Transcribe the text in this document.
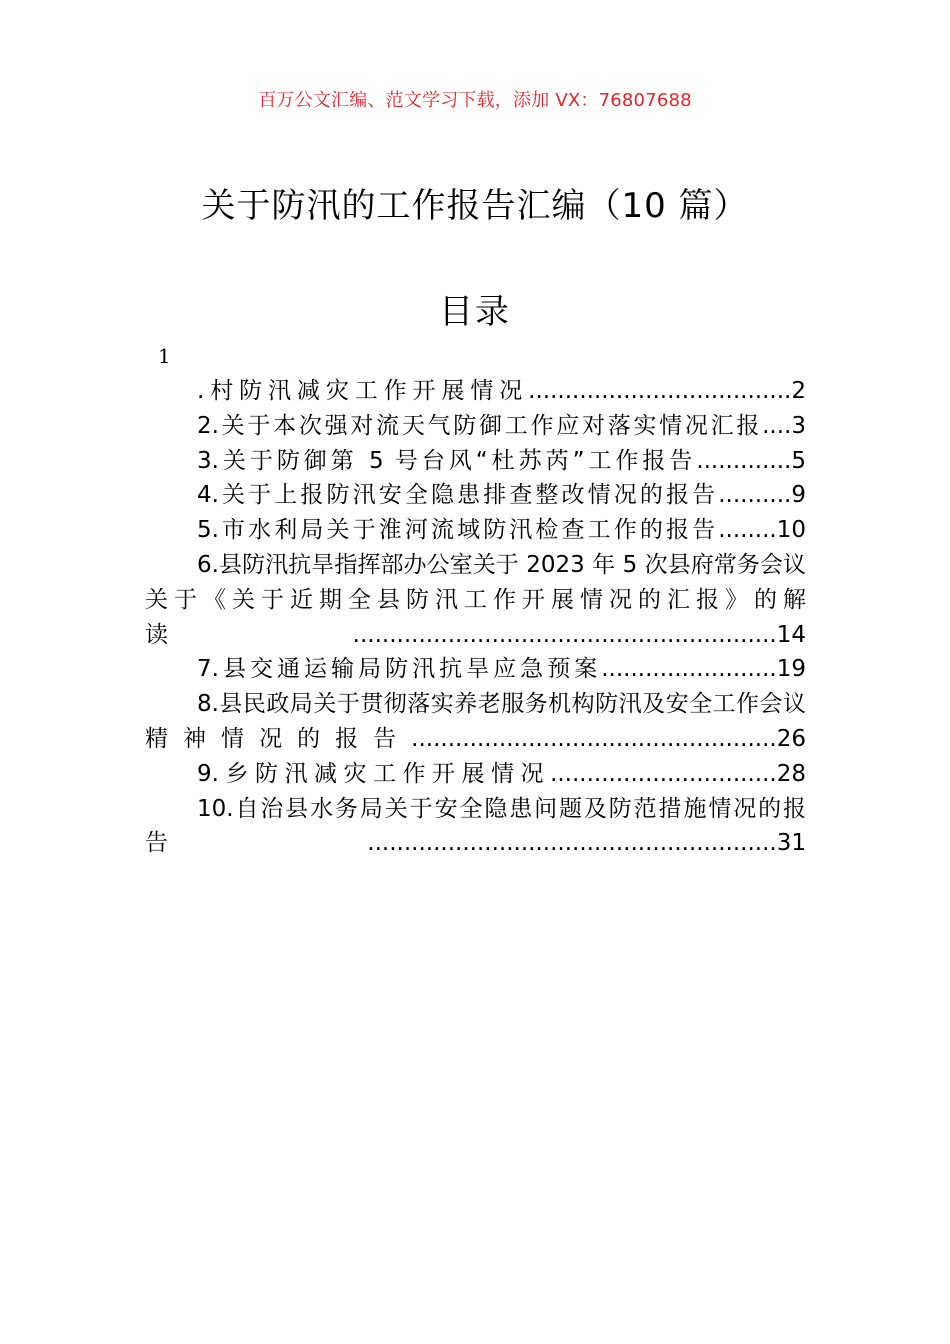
百万公文汇编、范文学习下载，添加 VX：76807688
关于防汛的工作报告汇编（10 篇）
目录
1
.村防汛减灾工作开展情况....................................2
2.关于本次强对流天气防御工作应对落实情况汇报....3
3.关于防御第 5 号台风“杜苏芮”工作报告.............5
4.关于上报防汛安全隐患排查整改情况的报告..........9
5.市水利局关于淮河流域防汛检查工作的报告........10
6.县防汛抗旱指挥部办公室关于 2023 年 5 次县府常务会议关于《关于近期全县防汛工作开展情况的汇报》的解读..........................................................14
7.县交通运输局防汛抗旱应急预案........................19
8.县民政局关于贯彻落实养老服务机构防汛及安全工作会议精神情况的报告..................................................26
9.乡防汛减灾工作开展情况...............................28
10.自治县水务局关于安全隐患问题及防范措施情况的报告........................................................31
